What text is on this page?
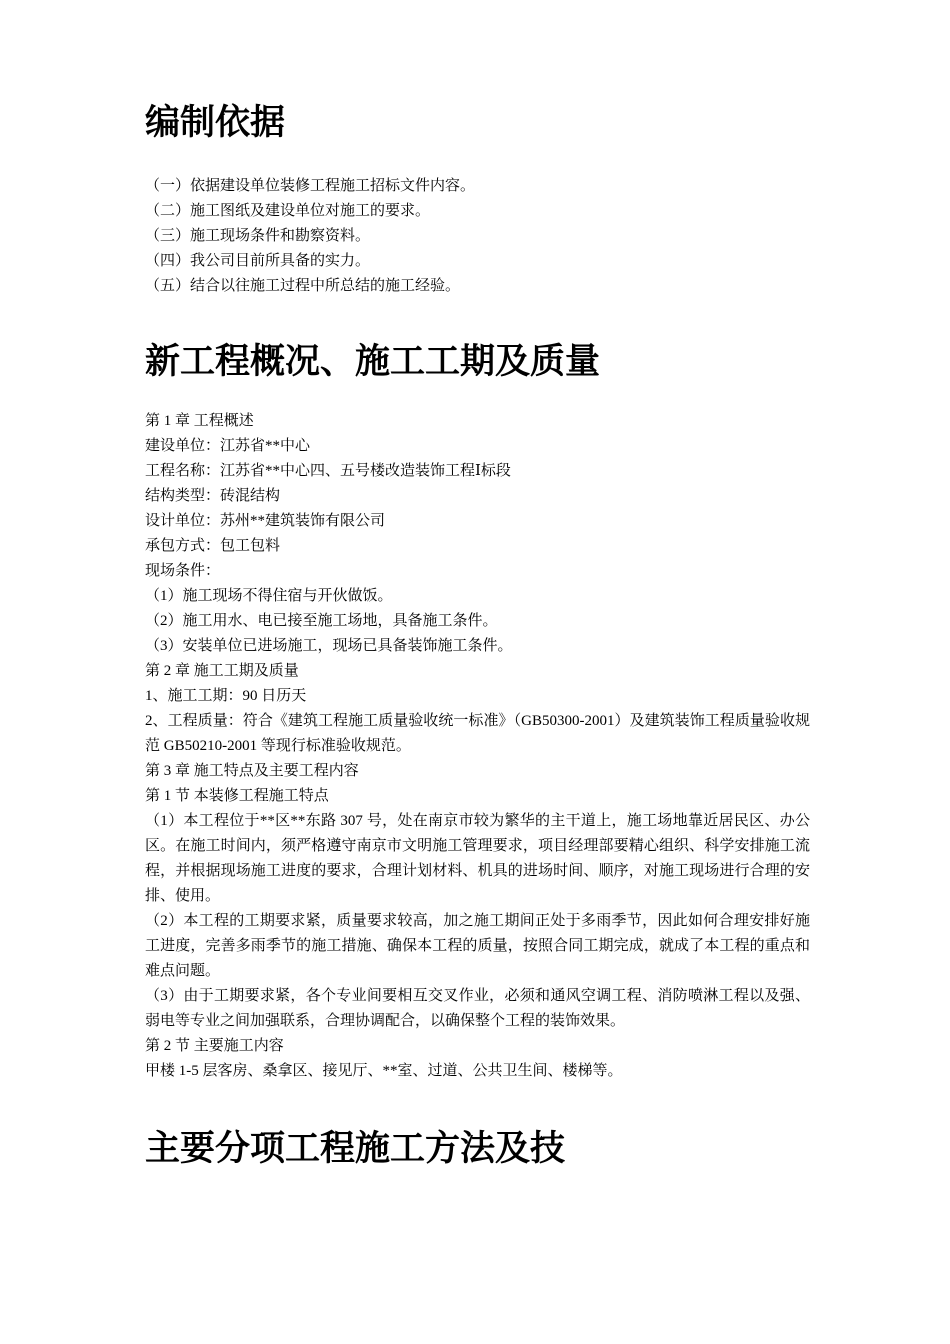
编制依据

（一）依据建设单位装修工程施工招标文件内容。

（二）施工图纸及建设单位对施工的要求。

（三）施工现场条件和勘察资料。

（四）我公司目前所具备的实力。

（五）结合以往施工过程中所总结的施工经验。

新工程概况、施工工期及质量

第 1 章 工程概述

建设单位：江苏省**中心

工程名称：江苏省**中心四、五号楼改造装饰工程Ⅰ标段

结构类型：砖混结构

设计单位：苏州**建筑装饰有限公司

承包方式：包工包料

现场条件：

（1）施工现场不得住宿与开伙做饭。

（2）施工用水、电已接至施工场地，具备施工条件。

（3）安装单位已进场施工，现场已具备装饰施工条件。

第 2 章 施工工期及质量

1、施工工期：90 日历天

2、工程质量：符合《建筑工程施工质量验收统一标准》（GB50300-2001）及建筑装饰工程质量验收规范 GB50210-2001 等现行标准验收规范。

第 3 章 施工特点及主要工程内容

第 1 节 本装修工程施工特点

（1）本工程位于**区**东路 307 号，处在南京市较为繁华的主干道上，施工场地靠近居民区、办公区。在施工时间内，须严格遵守南京市文明施工管理要求，项目经理部要精心组织、科学安排施工流程，并根据现场施工进度的要求，合理计划材料、机具的进场时间、顺序，对施工现场进行合理的安排、使用。

（2）本工程的工期要求紧，质量要求较高，加之施工期间正处于多雨季节，因此如何合理安排好施工进度，完善多雨季节的施工措施、确保本工程的质量，按照合同工期完成，就成了本工程的重点和难点问题。

（3）由于工期要求紧，各个专业间要相互交叉作业，必须和通风空调工程、消防喷淋工程以及强、弱电等专业之间加强联系，合理协调配合，以确保整个工程的装饰效果。

第 2 节 主要施工内容

甲楼 1-5 层客房、桑拿区、接见厅、**室、过道、公共卫生间、楼梯等。

主要分项工程施工方法及技
